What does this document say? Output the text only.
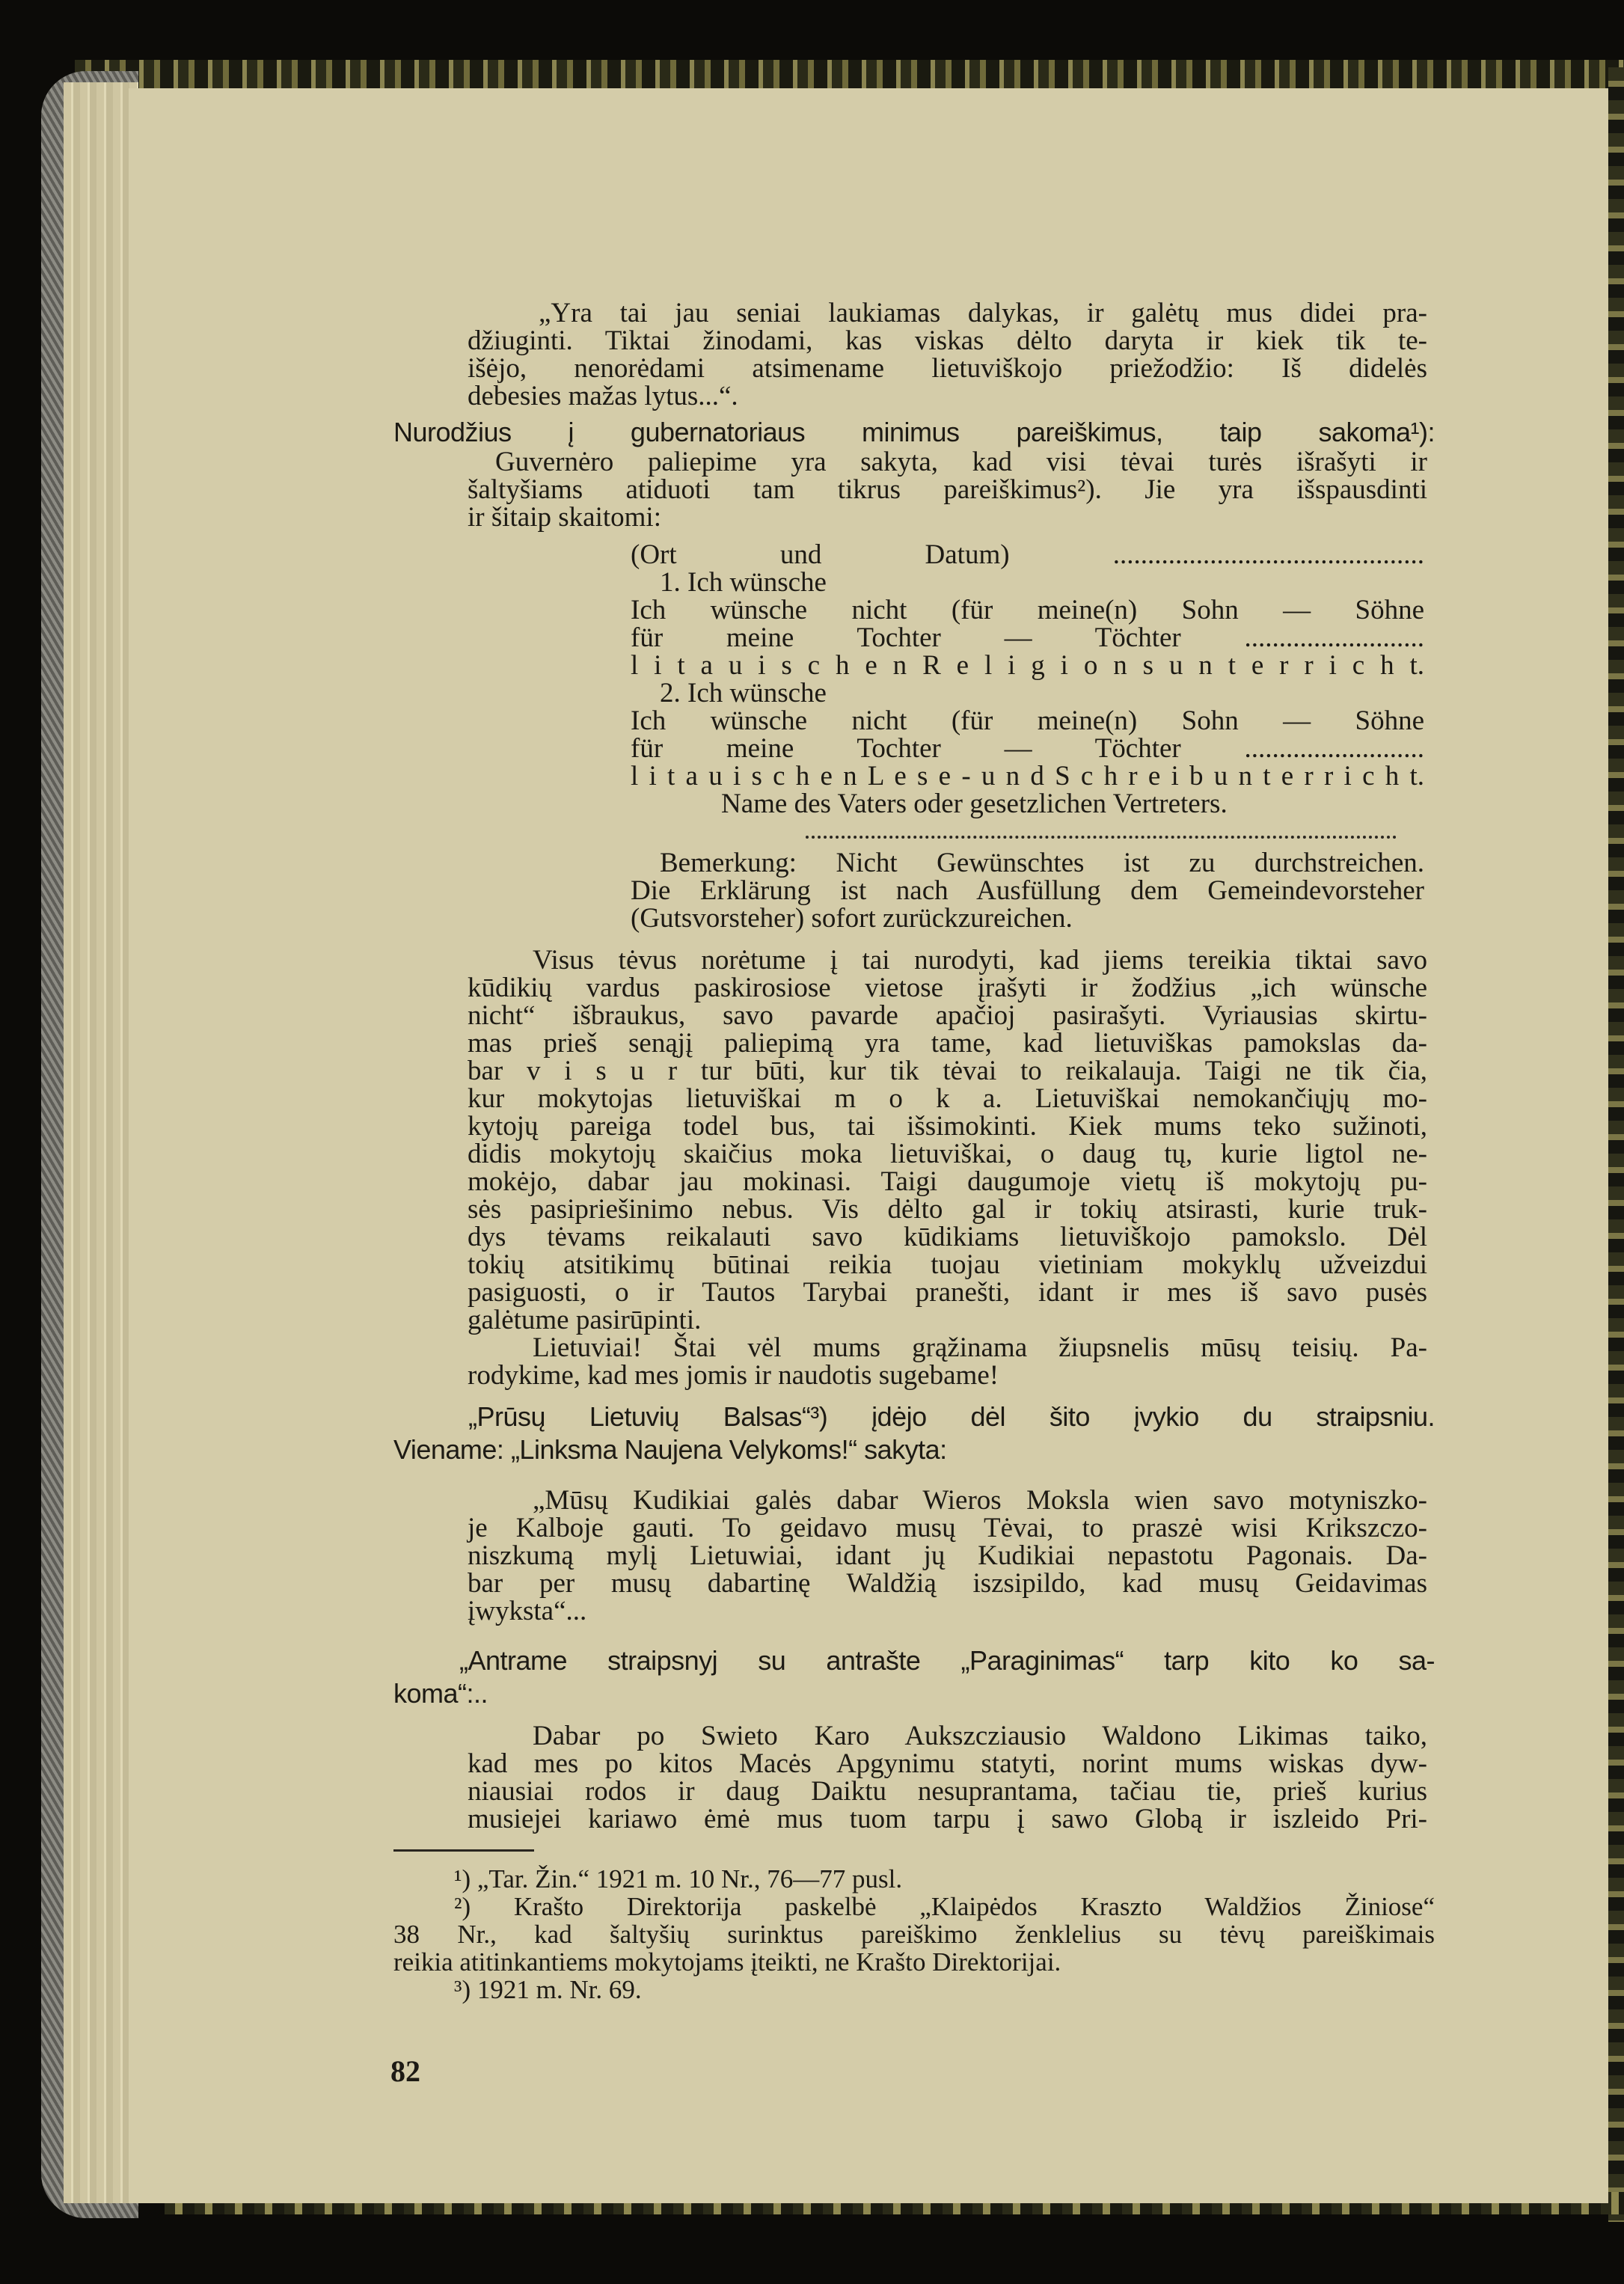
„Yra tai jau seniai laukiamas dalykas, ir galėtų mus didei pra-
džiuginti. Tiktai žinodami, kas viskas dėlto daryta ir kiek tik te-
išėjo, nenorėdami atsimename lietuviškojo priežodžio: Iš didelės
debesies mažas lytus...“.
Nurodžius į gubernatoriaus minimus pareiškimus, taip sakoma¹):
Guvernėro paliepime yra sakyta, kad visi tėvai turės išrašyti ir
šaltyšiams atiduoti tam tikrus pareiškimus²). Jie yra išspausdinti
ir šitaip skaitomi:
(Ort und Datum) .............................................
1. Ich wünsche
Ich wünsche nicht (für meine(n) Sohn — Söhne
für meine Tochter — Töchter ..........................
l i t a u i s c h e n R e l i g i o n s u n t e r r i c h t.
2. Ich wünsche
Ich wünsche nicht (für meine(n) Sohn — Söhne
für meine Tochter — Töchter ..........................
l i t a u i s c h e n L e s e - u n d S c h r e i b u n t e r r i c h t.
Name des Vaters oder gesetzlichen Vertreters.
Bemerkung: Nicht Gewünschtes ist zu durchstreichen.
Die Erklärung ist nach Ausfüllung dem Gemeindevorsteher
(Gutsvorsteher) sofort zurückzureichen.
Visus tėvus norėtume į tai nurodyti, kad jiems tereikia tiktai savo
kūdikių vardus paskirosiose vietose įrašyti ir žodžius „ich wünsche
nicht“ išbraukus, savo pavarde apačioj pasirašyti. Vyriausias skirtu-
mas prieš senąjį paliepimą yra tame, kad lietuviškas pamokslas da-
bar v i s u r tur būti, kur tik tėvai to reikalauja. Taigi ne tik čia,
kur mokytojas lietuviškai m o k a. Lietuviškai nemokančiųjų mo-
kytojų pareiga todel bus, tai išsimokinti. Kiek mums teko sužinoti,
didis mokytojų skaičius moka lietuviškai, o daug tų, kurie ligtol ne-
mokėjo, dabar jau mokinasi. Taigi daugumoje vietų iš mokytojų pu-
sės pasipriešinimo nebus. Vis dėlto gal ir tokių atsirasti, kurie truk-
dys tėvams reikalauti savo kūdikiams lietuviškojo pamokslo. Dėl
tokių atsitikimų būtinai reikia tuojau vietiniam mokyklų užveizdui
pasiguosti, o ir Tautos Tarybai pranešti, idant ir mes iš savo pusės
galėtume pasirūpinti.
Lietuviai! Štai vėl mums grąžinama žiupsnelis mūsų teisių. Pa-
rodykime, kad mes jomis ir naudotis sugebame!
„Prūsų Lietuvių Balsas“³) įdėjo dėl šito įvykio du straipsniu.
Viename: „Linksma Naujena Velykoms!“ sakyta:
„Mūsų Kudikiai galės dabar Wieros Moksla wien savo motyniszko-
je Kalboje gauti. To geidavo musų Tėvai, to praszė wisi Krikszczo-
niszkumą mylį Lietuwiai, idant jų Kudikiai nepastotu Pagonais. Da-
bar per musų dabartinę Waldžią iszsipildo, kad musų Geidavimas
įwyksta“...
„Antrame straipsnyj su antrašte „Paraginimas“ tarp kito ko sa-
koma“:..
Dabar po Swieto Karo Aukszcziausio Waldono Likimas taiko,
kad mes po kitos Macės Apgynimu statyti, norint mums wiskas dyw-
niausiai rodos ir daug Daiktu nesuprantama, tačiau tie, prieš kurius
musiejei kariawo ėmė mus tuom tarpu į sawo Globą ir iszleido Pri-
¹) „Tar. Žin.“ 1921 m. 10 Nr., 76—77 pusl.
²) Krašto Direktorija paskelbė „Klaipėdos Kraszto Waldžios Žiniose“
38 Nr., kad šaltyšių surinktus pareiškimo ženklelius su tėvų pareiškimais
reikia atitinkantiems mokytojams įteikti, ne Krašto Direktorijai.
³) 1921 m. Nr. 69.
82
